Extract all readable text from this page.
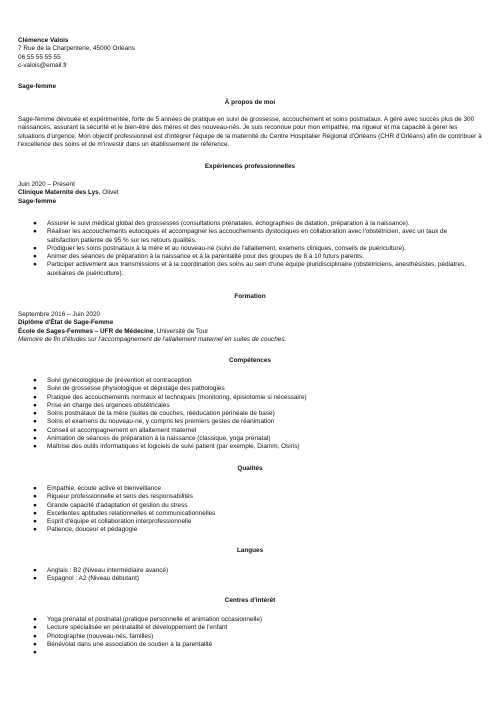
Clémence Valois
7 Rue de la Charpenterie, 45000 Orléans
06 55 55 55 55
c-valois@email.fr
Sage-femme
À propos de moi
Sage-femme dévouée et expérimentée, forte de 5 années de pratique en suivi de grossesse, accouchement et soins postnataux. A géré avec succès plus de 300 naissances, assurant la sécurité et le bien-être des mères et des nouveau-nés. Je suis reconnue pour mon empathie, ma rigueur et ma capacité à gérer les situations d'urgence. Mon objectif professionnel est d'intégrer l'équipe de la maternité du Centre Hospitalier Régional d'Orléans (CHR d'Orléans) afin de contribuer à l'excellence des soins et de m'investir dans un établissement de référence.
Expériences professionnelles
Juin 2020 – Présent
Clinique Maternité des Lys, Olivet
Sage-femme
● Assurer le suivi médical global des grossesses (consultations prénatales, échographies de datation, préparation à la naissance).
● Réaliser les accouchements eutociques et accompagner les accouchements dystociques en collaboration avec l'obstétricien, avec un taux de satisfaction patiente de 95 % sur les retours qualités.
● Prodiguer les soins postnataux à la mère et au nouveau-né (suivi de l'allaitement, examens cliniques, conseils de puériculture).
● Animer des séances de préparation à la naissance et à la parentalité pour des groupes de 8 à 10 futurs parents.
● Participer activement aux transmissions et à la coordination des soins au sein d'une équipe pluridisciplinaire (obstétriciens, anesthésistes, pédiatres, auxiliaires de puériculture).
Formation
Septembre 2016 – Juin 2020
Diplôme d'État de Sage-Femme
École de Sages-Femmes – UFR de Médecine, Université de Tour
Mémoire de fin d'études sur l'accompagnement de l'allaitement maternel en suites de couches.
Compétences
● Suivi gynécologique de prévention et contraception
● Suivi de grossesse physiologique et dépistage des pathologies
● Pratique des accouchements normaux et techniques (monitoring, épisiotomie si nécessaire)
● Prise en charge des urgences obstétricales
● Soins postnataux de la mère (suites de couches, rééducation périnéale de base)
● Soins et examens du nouveau-né, y compris les premiers gestes de réanimation
● Conseil et accompagnement en allaitement maternel
● Animation de séances de préparation à la naissance (classique, yoga prénatal)
● Maîtrise des outils informatiques et logiciels de suivi patient (par exemple, Diamm, Osiris)
Qualités
● Empathie, écoute active et bienveillance
● Rigueur professionnelle et sens des responsabilités
● Grande capacité d'adaptation et gestion du stress
● Excellentes aptitudes relationnelles et communicationnelles
● Esprit d'équipe et collaboration interprofessionnelle
● Patience, douceur et pédagogie
Langues
● Anglais : B2 (Niveau intermédiaire avancé)
● Espagnol : A2 (Niveau débutant)
Centres d'intérêt
● Yoga prénatal et postnatal (pratique personnelle et animation occasionnelle)
● Lecture spécialisée en périnatalité et développement de l'enfant
● Photographie (nouveau-nés, familles)
● Bénévolat dans une association de soutien à la parentalité
●
